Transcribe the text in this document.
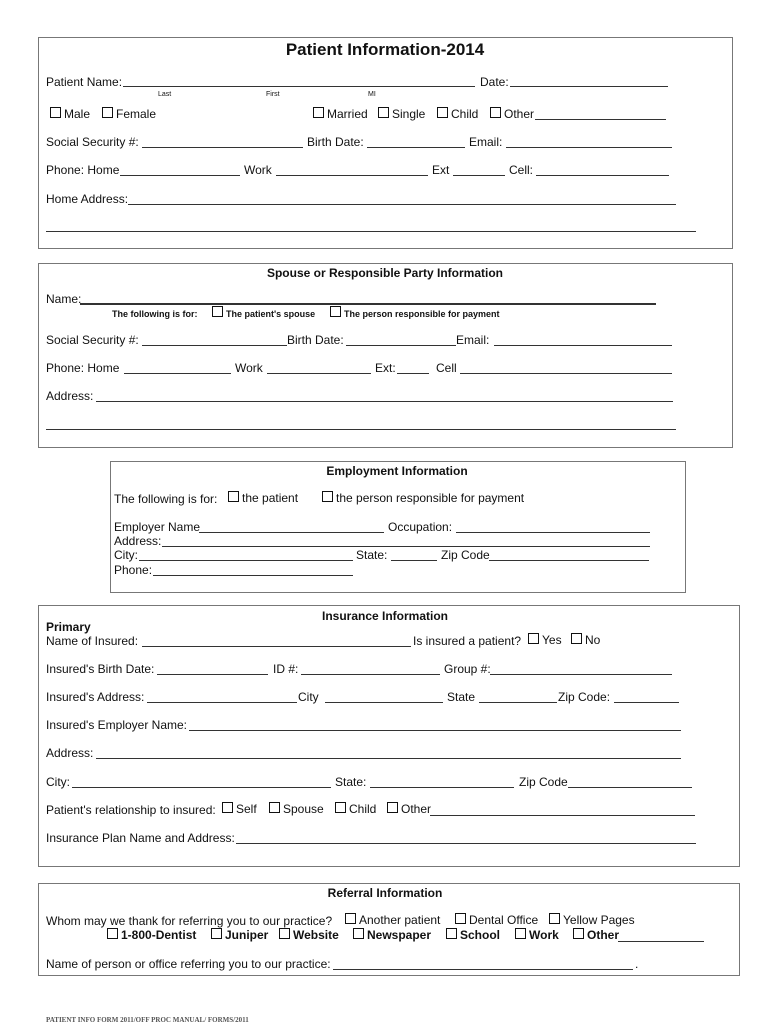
Patient Information-2014
Patient Name:	Date:
Last	First	MI
Male	Female	Married	Single	Child	Other
Social Security #:	Birth Date:	Email:
Phone: Home	Work	Ext	Cell:
Home Address:
Spouse or Responsible Party Information
Name:
The following is for:	The patient's spouse	The person responsible for payment
Social Security #:	Birth Date:	Email:
Phone: Home	Work	Ext:	Cell
Address:
Employment Information
The following is for:	the patient	the person responsible for payment
Employer Name	Occupation:
Address:
City:	State:	Zip Code
Phone:
Insurance Information
Primary
Name of Insured:	Is insured a patient?	Yes	No
Insured's Birth Date:	ID #:	Group #:
Insured's Address:	City	State	Zip Code:
Insured's Employer Name:
Address:
City:	State:	Zip Code
Patient's relationship to insured:	Self	Spouse	Child	Other
Insurance Plan Name and Address:
Referral Information
Whom may we thank for referring you to our practice?	Another patient	Dental Office	Yellow Pages
1-800-Dentist	Juniper	Website	Newspaper	School	Work	Other
Name of person or office referring you to our practice:	.
PATIENT INFO FORM 2011/OFF PROC MANUAL/ FORMS/2011
